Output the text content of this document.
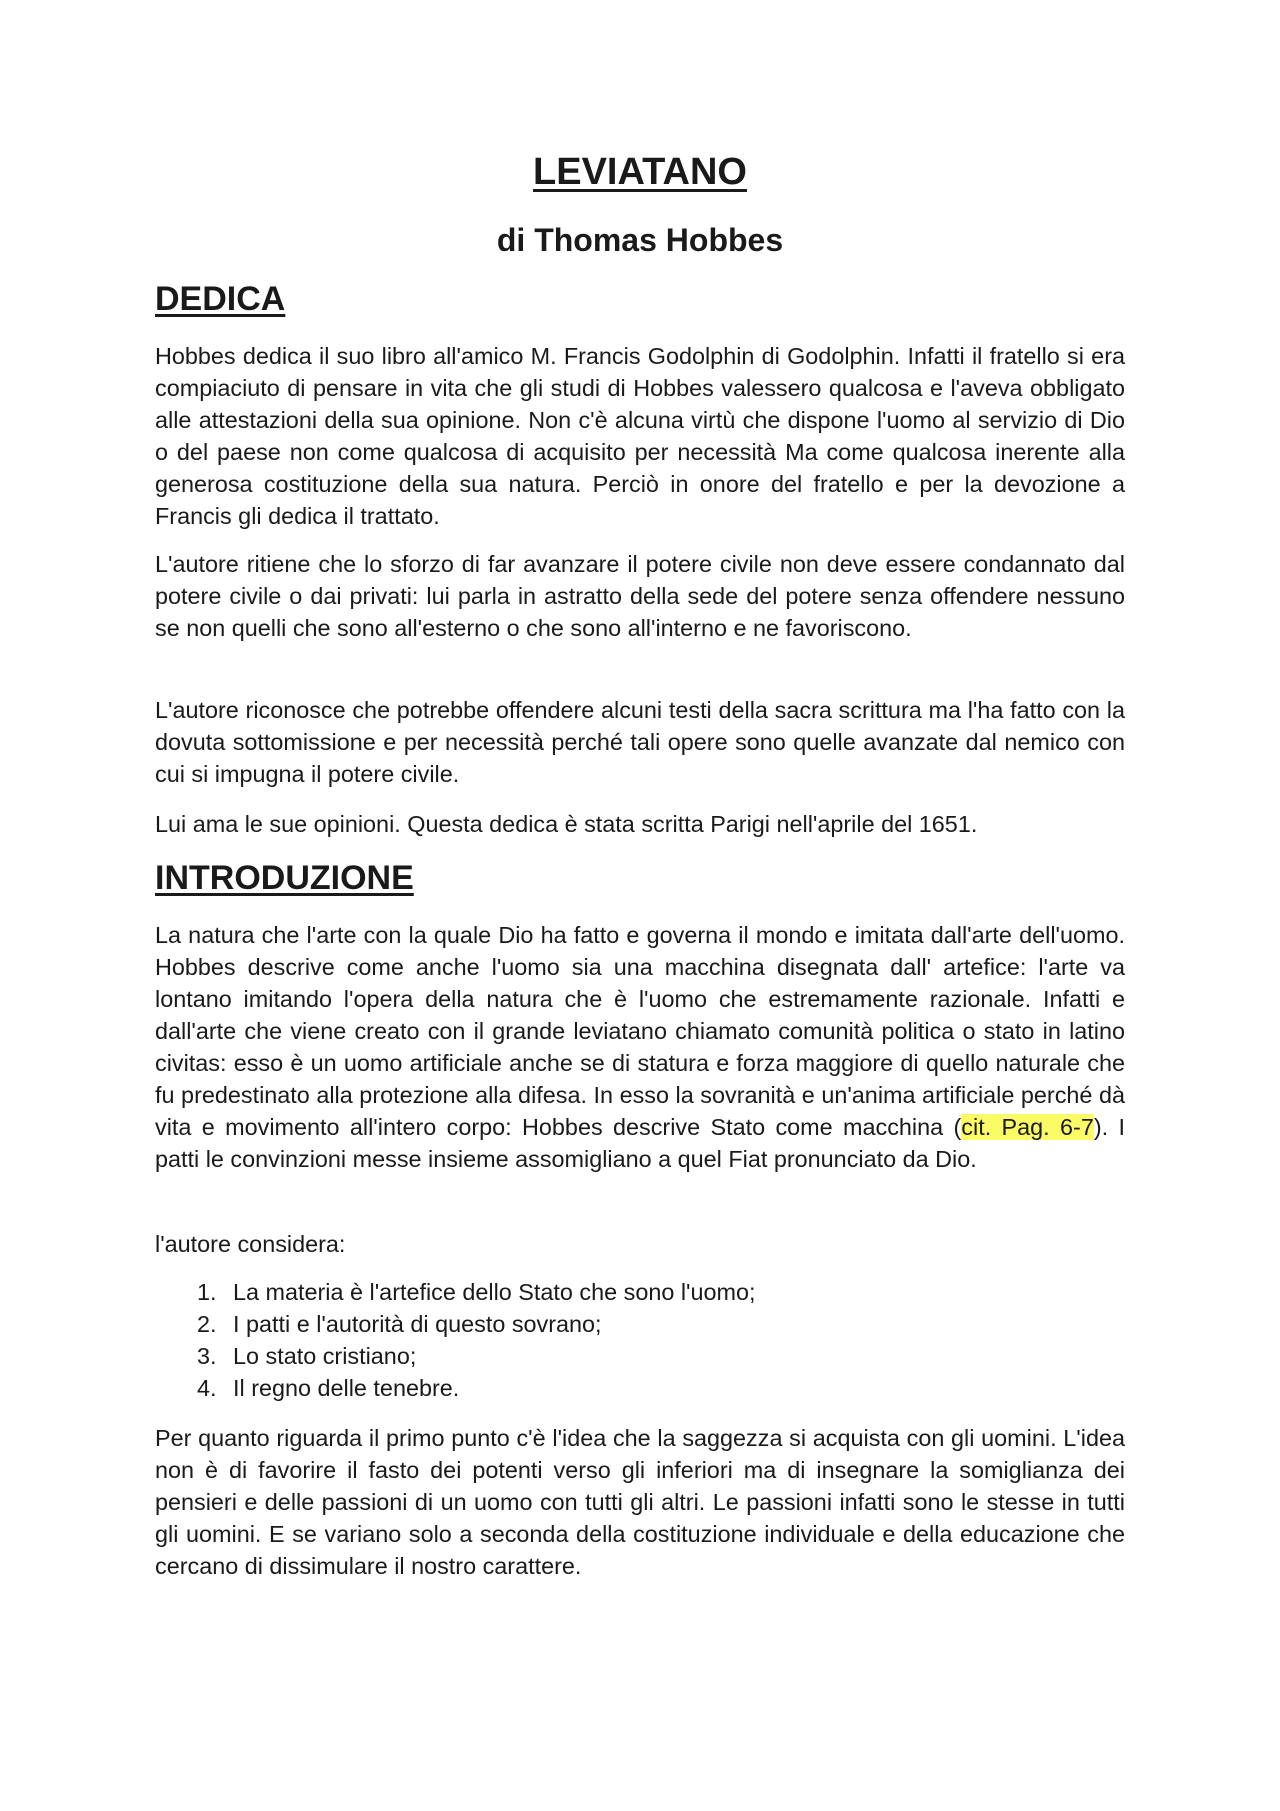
LEVIATANO
di Thomas Hobbes
DEDICA

Hobbes dedica il suo libro all'amico M. Francis Godolphin di Godolphin. Infatti il fratello si era compiaciuto di pensare in vita che gli studi di Hobbes valessero qualcosa e l'aveva obbligato alle attestazioni della sua opinione. Non c'è alcuna virtù che dispone l'uomo al servizio di Dio o del paese non come qualcosa di acquisito per necessità Ma come qualcosa inerente alla generosa costituzione della sua natura. Perciò in onore del fratello e per la devozione a Francis gli dedica il trattato.

L'autore ritiene che lo sforzo di far avanzare il potere civile non deve essere condannato dal potere civile o dai privati: lui parla in astratto della sede del potere senza offendere nessuno se non quelli che sono all'esterno o che sono all'interno e ne favoriscono.

L'autore riconosce che potrebbe offendere alcuni testi della sacra scrittura ma l'ha fatto con la dovuta sottomissione e per necessità perché tali opere sono quelle avanzate dal nemico con cui si impugna il potere civile.

Lui ama le sue opinioni. Questa dedica è stata scritta Parigi nell'aprile del 1651.

INTRODUZIONE

La natura che l'arte con la quale Dio ha fatto e governa il mondo e imitata dall'arte dell'uomo. Hobbes descrive come anche l'uomo sia una macchina disegnata dall' artefice: l'arte va lontano imitando l'opera della natura che è l'uomo che estremamente razionale. Infatti e dall'arte che viene creato con il grande leviatano chiamato comunità politica o stato in latino civitas: esso è un uomo artificiale anche se di statura e forza maggiore di quello naturale che fu predestinato alla protezione alla difesa. In esso la sovranità e un'anima artificiale perché dà vita e movimento all'intero corpo: Hobbes descrive Stato come macchina (cit. Pag. 6-7). I patti le convinzioni messe insieme assomigliano a quel Fiat pronunciato da Dio.

l'autore considera:

1. La materia è l'artefice dello Stato che sono l'uomo;
2. I patti e l'autorità di questo sovrano;
3. Lo stato cristiano;
4. Il regno delle tenebre.

Per quanto riguarda il primo punto c'è l'idea che la saggezza si acquista con gli uomini. L'idea non è di favorire il fasto dei potenti verso gli inferiori ma di insegnare la somiglianza dei pensieri e delle passioni di un uomo con tutti gli altri. Le passioni infatti sono le stesse in tutti gli uomini. E se variano solo a seconda della costituzione individuale e della educazione che cercano di dissimulare il nostro carattere.
